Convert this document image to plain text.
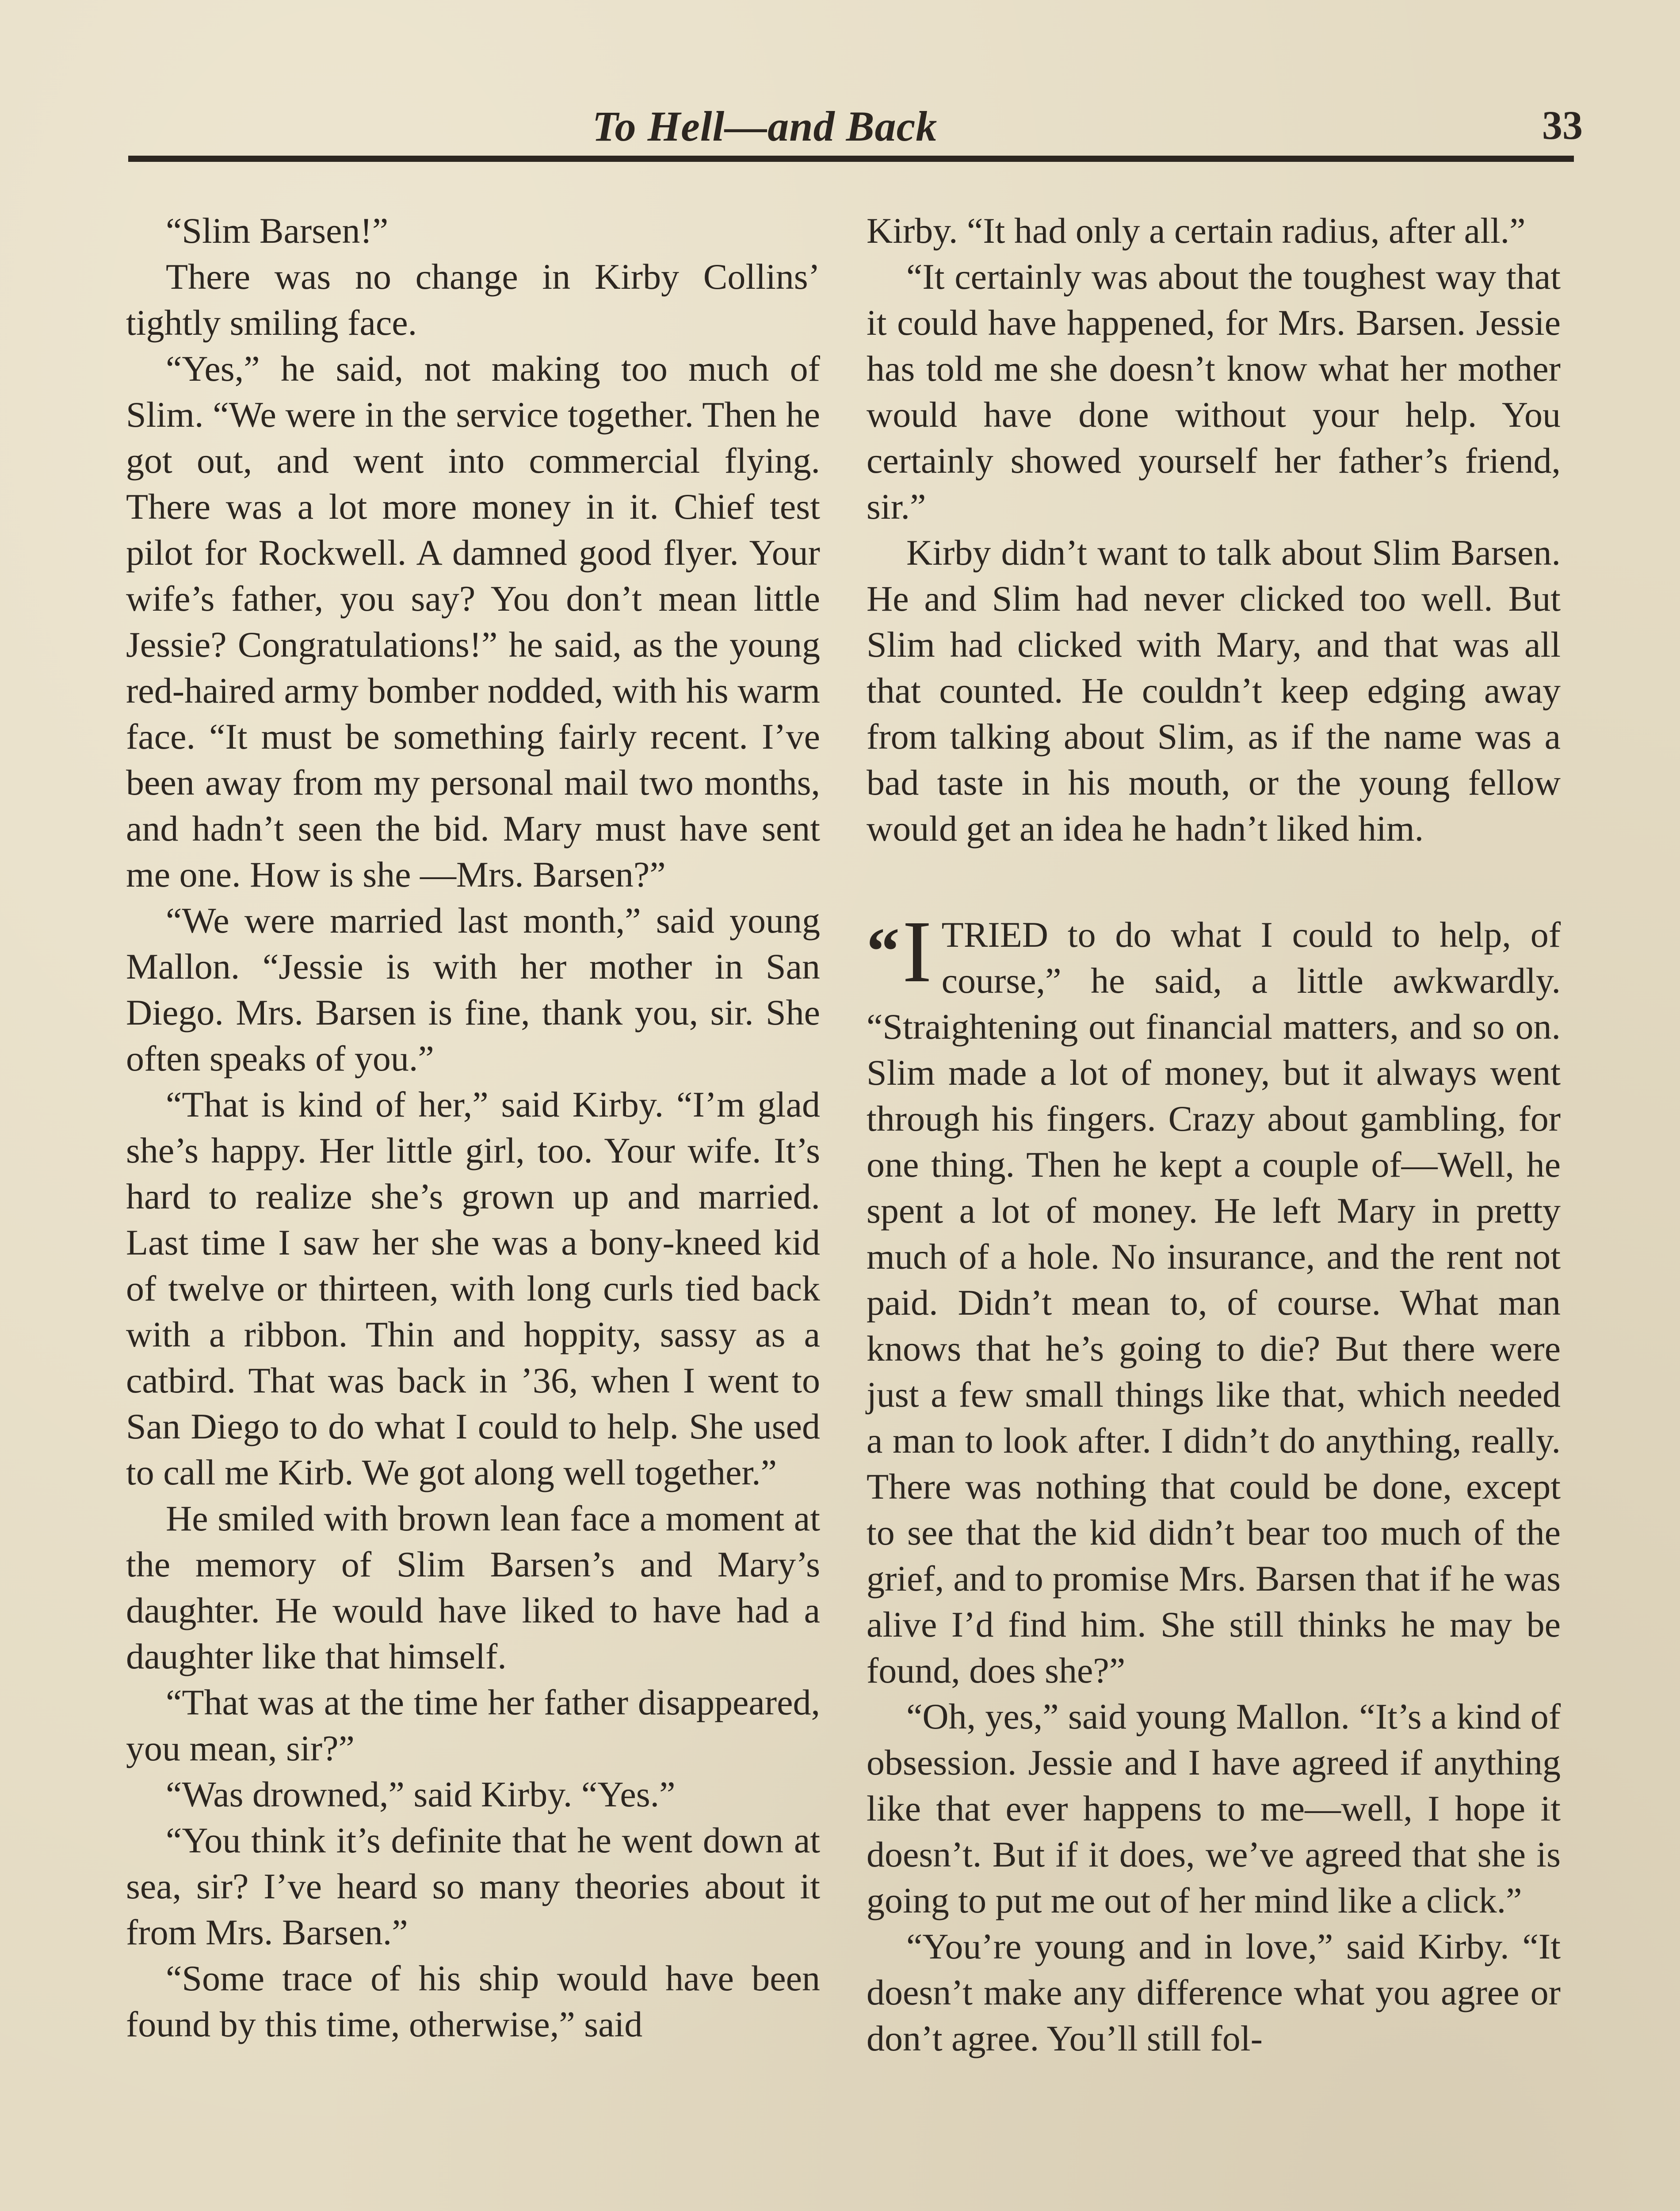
To Hell—and Back	33

“Slim Barsen!”

There was no change in Kirby Collins’ tightly smiling face.

“Yes,” he said, not making too much of Slim. “We were in the service together. Then he got out, and went into commercial flying. There was a lot more money in it. Chief test pilot for Rockwell. A damned good flyer. Your wife’s father, you say? You don’t mean little Jessie? Congratulations!” he said, as the young red-haired army bomber nodded, with his warm face. “It must be something fairly recent. I’ve been away from my personal mail two months, and hadn’t seen the bid. Mary must have sent me one. How is she —Mrs. Barsen?”

“We were married last month,” said young Mallon. “Jessie is with her mother in San Diego. Mrs. Barsen is fine, thank you, sir. She often speaks of you.”

“That is kind of her,” said Kirby. “I’m glad she’s happy. Her little girl, too. Your wife. It’s hard to realize she’s grown up and married. Last time I saw her she was a bony-kneed kid of twelve or thirteen, with long curls tied back with a ribbon. Thin and hoppity, sassy as a catbird. That was back in ’36, when I went to San Diego to do what I could to help. She used to call me Kirb. We got along well together.”

He smiled with brown lean face a moment at the memory of Slim Barsen’s and Mary’s daughter. He would have liked to have had a daughter like that himself.

“That was at the time her father disappeared, you mean, sir?”

“Was drowned,” said Kirby. “Yes.”

“You think it’s definite that he went down at sea, sir? I’ve heard so many theories about it from Mrs. Barsen.”

“Some trace of his ship would have been found by this time, otherwise,” said

Kirby. “It had only a certain radius, after all.”

“It certainly was about the toughest way that it could have happened, for Mrs. Barsen. Jessie has told me she doesn’t know what her mother would have done without your help. You certainly showed yourself her father’s friend, sir.”

Kirby didn’t want to talk about Slim Barsen. He and Slim had never clicked too well. But Slim had clicked with Mary, and that was all that counted. He couldn’t keep edging away from talking about Slim, as if the name was a bad taste in his mouth, or the young fellow would get an idea he hadn’t liked him.

“ I TRIED to do what I could to help, of course,” he said, a little awkwardly. “Straightening out financial matters, and so on. Slim made a lot of money, but it always went through his fingers. Crazy about gambling, for one thing. Then he kept a couple of—Well, he spent a lot of money. He left Mary in pretty much of a hole. No insurance, and the rent not paid. Didn’t mean to, of course. What man knows that he’s going to die? But there were just a few small things like that, which needed a man to look after. I didn’t do anything, really. There was nothing that could be done, except to see that the kid didn’t bear too much of the grief, and to promise Mrs. Barsen that if he was alive I’d find him. She still thinks he may be found, does she?”

“Oh, yes,” said young Mallon. “It’s a kind of obsession. Jessie and I have agreed if anything like that ever happens to me—well, I hope it doesn’t. But if it does, we’ve agreed that she is going to put me out of her mind like a click.”

“You’re young and in love,” said Kirby. “It doesn’t make any difference what you agree or don’t agree. You’ll still fol-
